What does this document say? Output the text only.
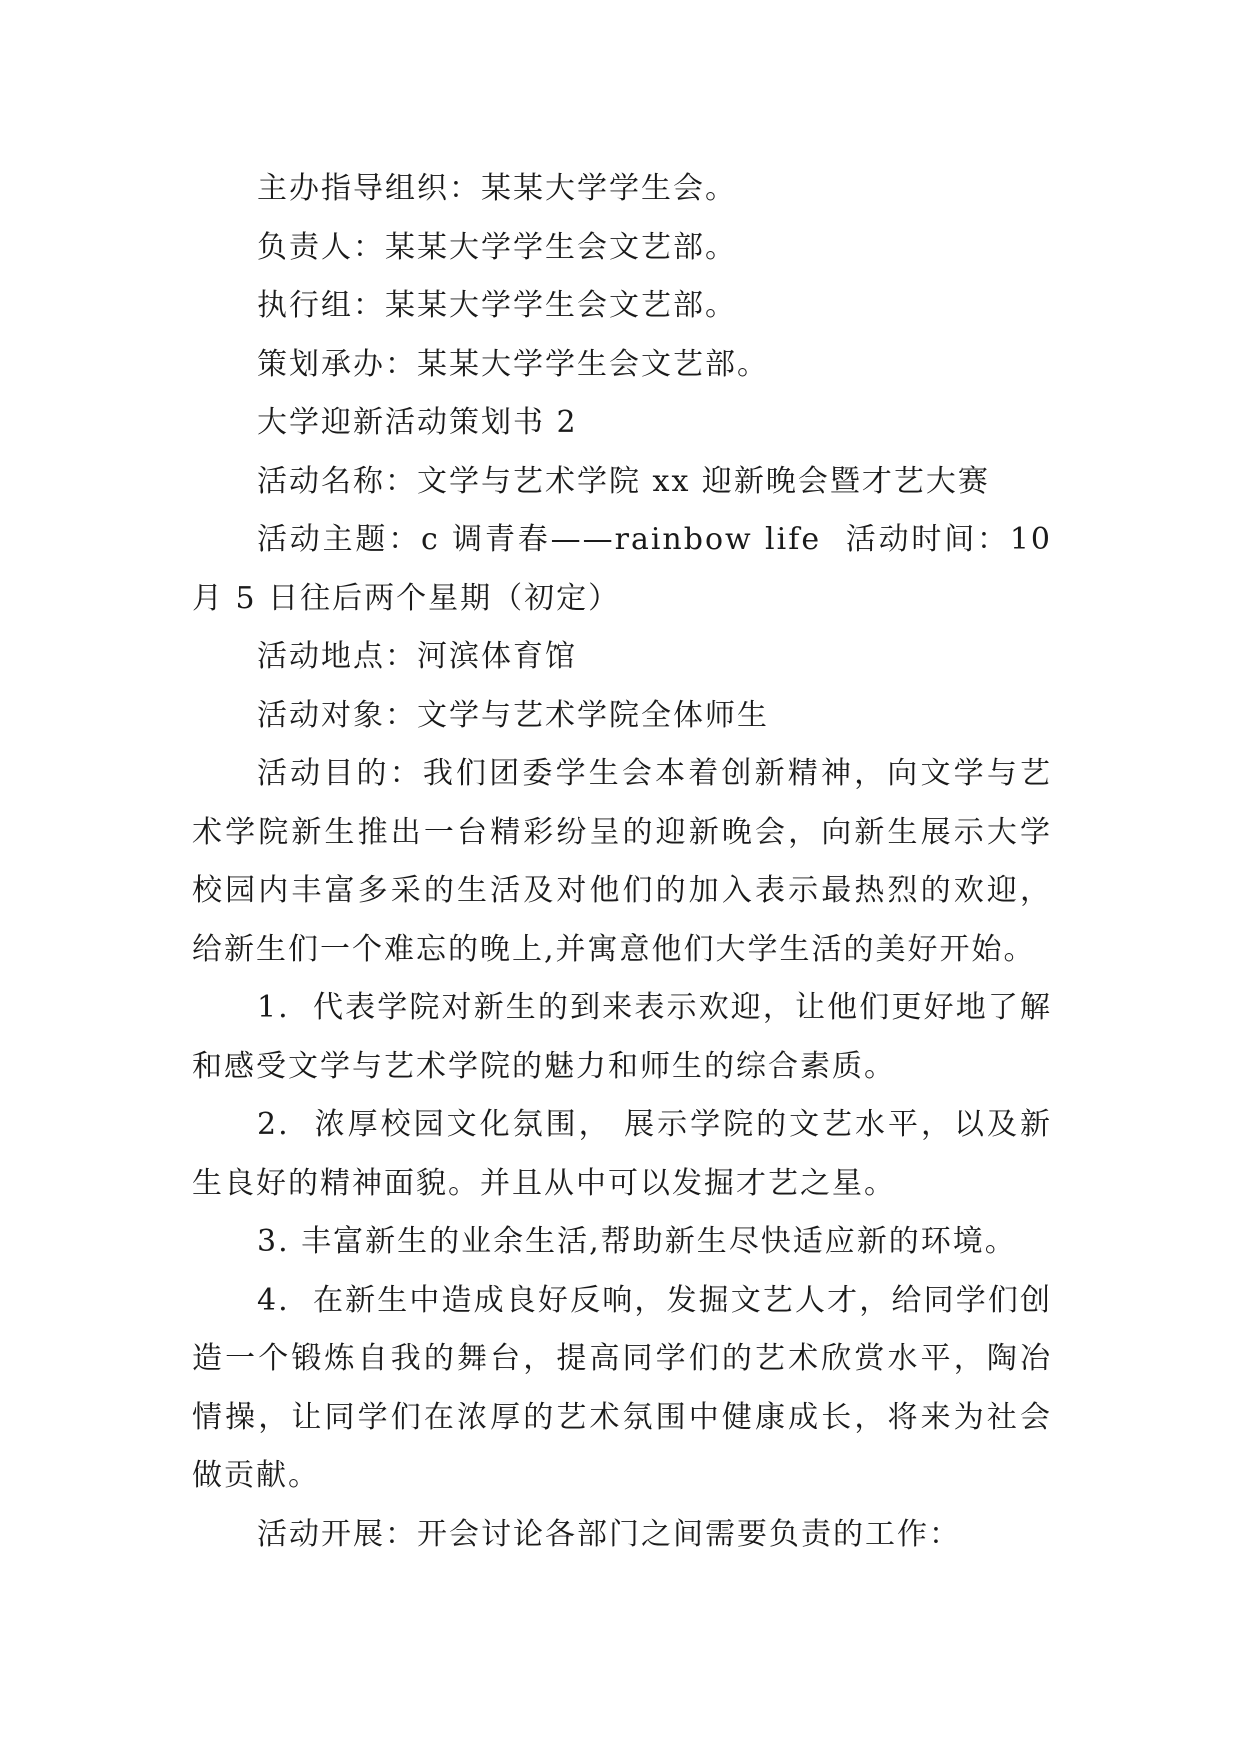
主办指导组织：某某大学学生会。

负责人：某某大学学生会文艺部。

执行组：某某大学学生会文艺部。

策划承办：某某大学学生会文艺部。

大学迎新活动策划书 2

活动名称：文学与艺术学院 xx 迎新晚会暨才艺大赛

活动主题：c 调青春——rainbow life  活动时间：10 月 5 日往后两个星期（初定）

活动地点：河滨体育馆

活动对象：文学与艺术学院全体师生

活动目的：我们团委学生会本着创新精神，向文学与艺术学院新生推出一台精彩纷呈的迎新晚会，向新生展示大学校园内丰富多采的生活及对他们的加入表示最热烈的欢迎，给新生们一个难忘的晚上,并寓意他们大学生活的美好开始。

1.  代表学院对新生的到来表示欢迎，让他们更好地了解和感受文学与艺术学院的魅力和师生的综合素质。

2.  浓厚校园文化氛围， 展示学院的文艺水平，以及新生良好的精神面貌。并且从中可以发掘才艺之星。

3. 丰富新生的业余生活,帮助新生尽快适应新的环境。

4.  在新生中造成良好反响，发掘文艺人才，给同学们创造一个锻炼自我的舞台，提高同学们的艺术欣赏水平，陶冶情操，让同学们在浓厚的艺术氛围中健康成长，将来为社会做贡献。

活动开展：开会讨论各部门之间需要负责的工作：
